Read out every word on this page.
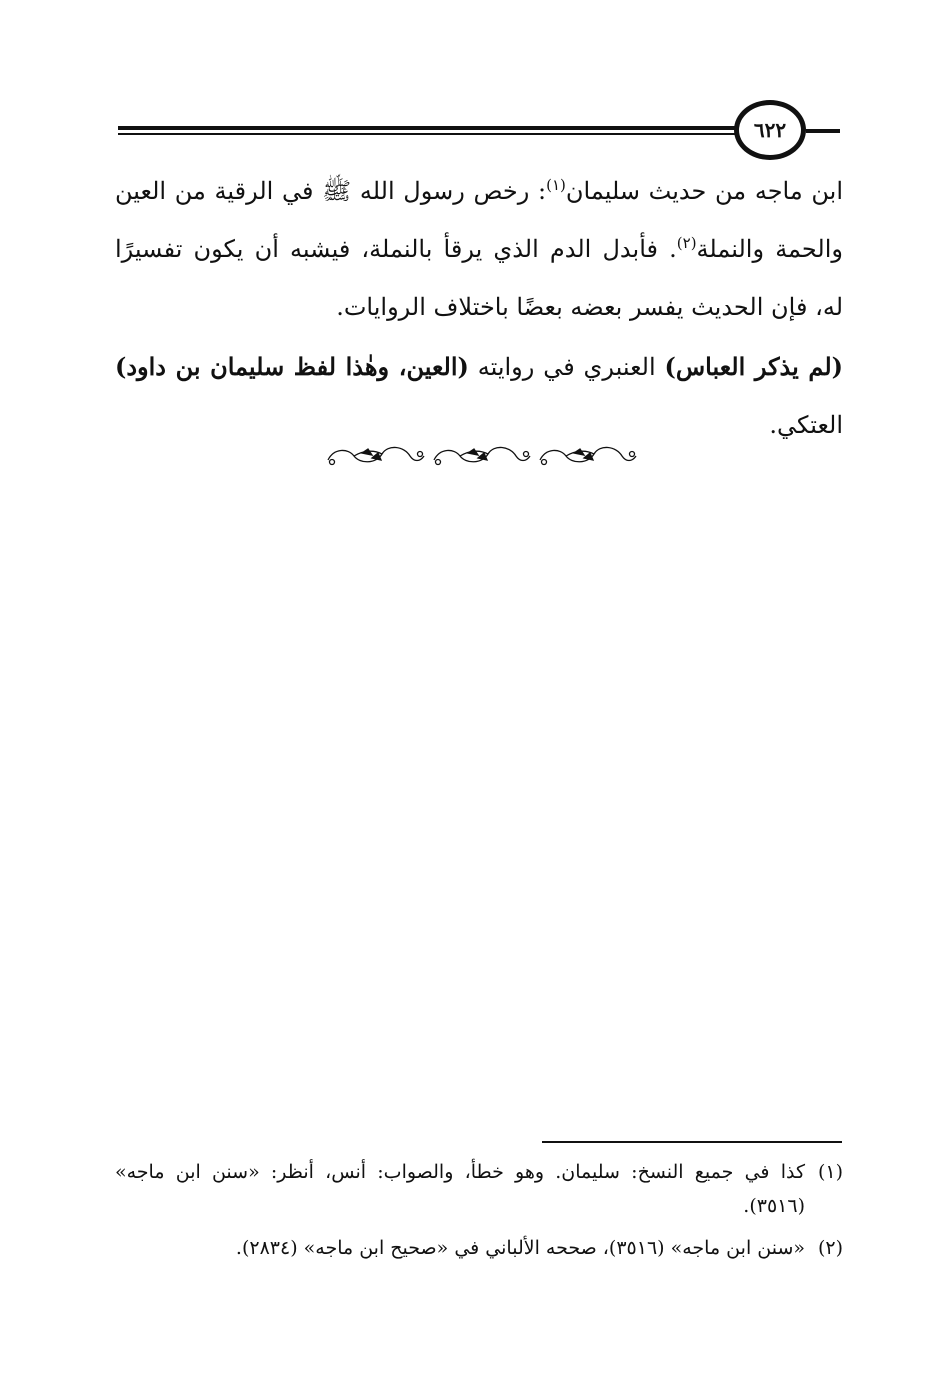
٦٢٢

ابن ماجه من حديث سليمان$^{(١)}$: رخص رسول الله ﷺ في الرقية من العين والحمة والنملة$^{(٢)}$. فأبدل الدم الذي يرقأ بالنملة، فيشبه أن يكون تفسيرًا له، فإن الحديث يفسر بعضه بعضًا باختلاف الروايات.

(لم يذكر العباس) العنبري في روايته (العين، وهٰذا لفظ سليمان بن داود) العتكي.

(١)
كذا في جميع النسخ: سليمان. وهو خطأ، والصواب: أنس، أنظر: «سنن ابن ماجه» (٣٥١٦).

(٢)
«سنن ابن ماجه» (٣٥١٦)، صححه الألباني في «صحيح ابن ماجه» (٢٨٣٤).
